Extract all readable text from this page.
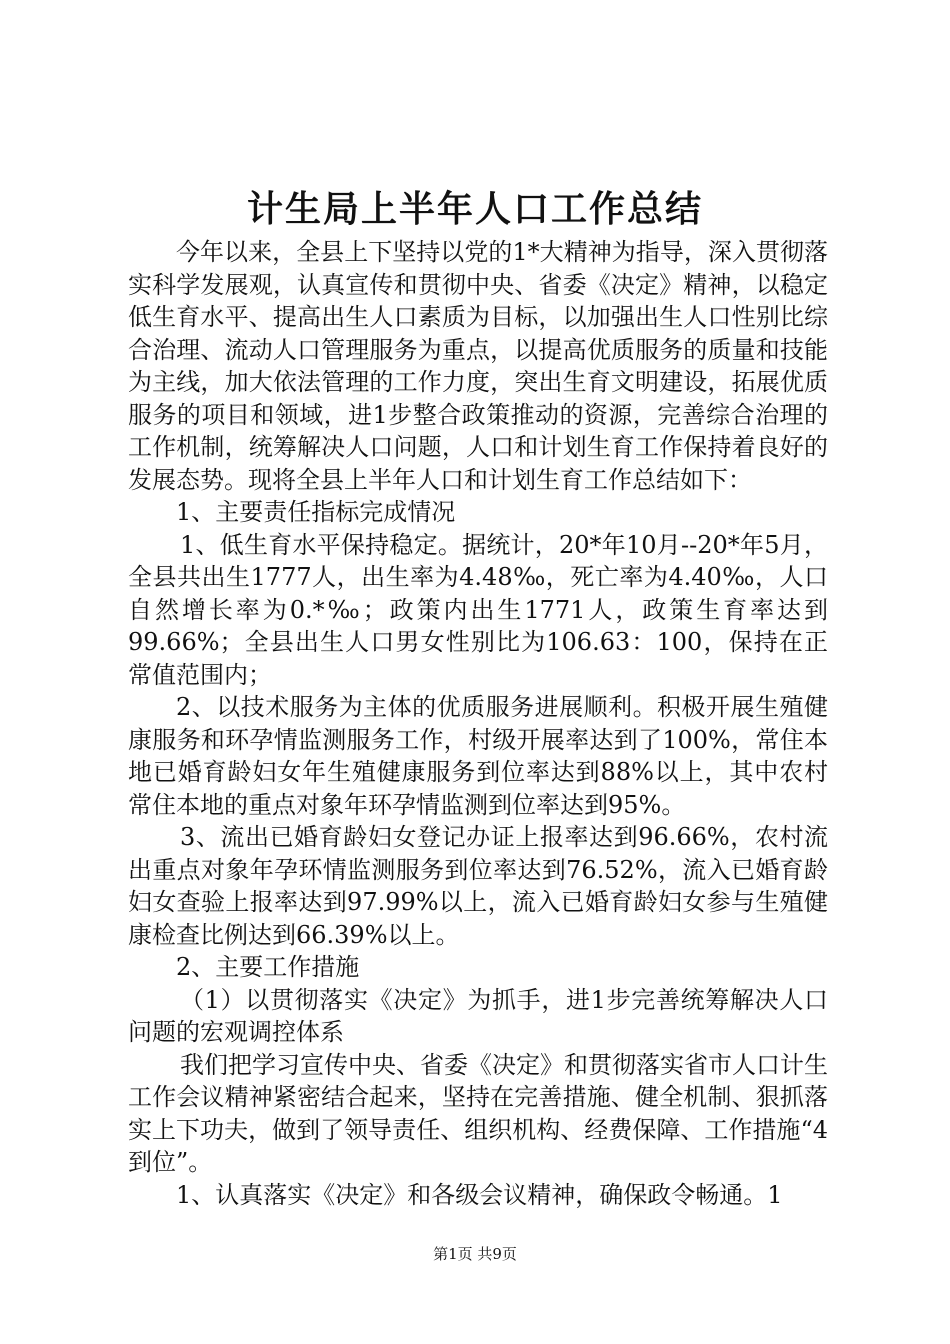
计生局上半年人口工作总结

今年以来，全县上下坚持以党的1*大精神为指导，深入贯彻落实科学发展观，认真宣传和贯彻中央、省委《决定》精神，以稳定低生育水平、提高出生人口素质为目标，以加强出生人口性别比综合治理、流动人口管理服务为重点，以提高优质服务的质量和技能为主线，加大依法管理的工作力度，突出生育文明建设，拓展优质服务的项目和领域，进1步整合政策推动的资源，完善综合治理的工作机制，统筹解决人口问题，人口和计划生育工作保持着良好的发展态势。现将全县上半年人口和计划生育工作总结如下：

1、主要责任指标完成情况

1、低生育水平保持稳定。据统计，20*年10月--20*年5月，全县共出生1777人，出生率为4.48‰，死亡率为4.40‰，人口自然增长率为0.*‰；政策内出生1771人，政策生育率达到99.66%；全县出生人口男女性别比为106.63：100，保持在正常值范围内；

2、以技术服务为主体的优质服务进展顺利。积极开展生殖健康服务和环孕情监测服务工作，村级开展率达到了100%，常住本地已婚育龄妇女年生殖健康服务到位率达到88%以上，其中农村常住本地的重点对象年环孕情监测到位率达到95%。

3、流出已婚育龄妇女登记办证上报率达到96.66%，农村流出重点对象年孕环情监测服务到位率达到76.52%，流入已婚育龄妇女查验上报率达到97.99%以上，流入已婚育龄妇女参与生殖健康检查比例达到66.39%以上。

2、主要工作措施

（1）以贯彻落实《决定》为抓手，进1步完善统筹解决人口问题的宏观调控体系

我们把学习宣传中央、省委《决定》和贯彻落实省市人口计生工作会议精神紧密结合起来，坚持在完善措施、健全机制、狠抓落实上下功夫，做到了领导责任、组织机构、经费保障、工作措施“4到位”。

1、认真落实《决定》和各级会议精神，确保政令畅通。1

第1页 共9页
